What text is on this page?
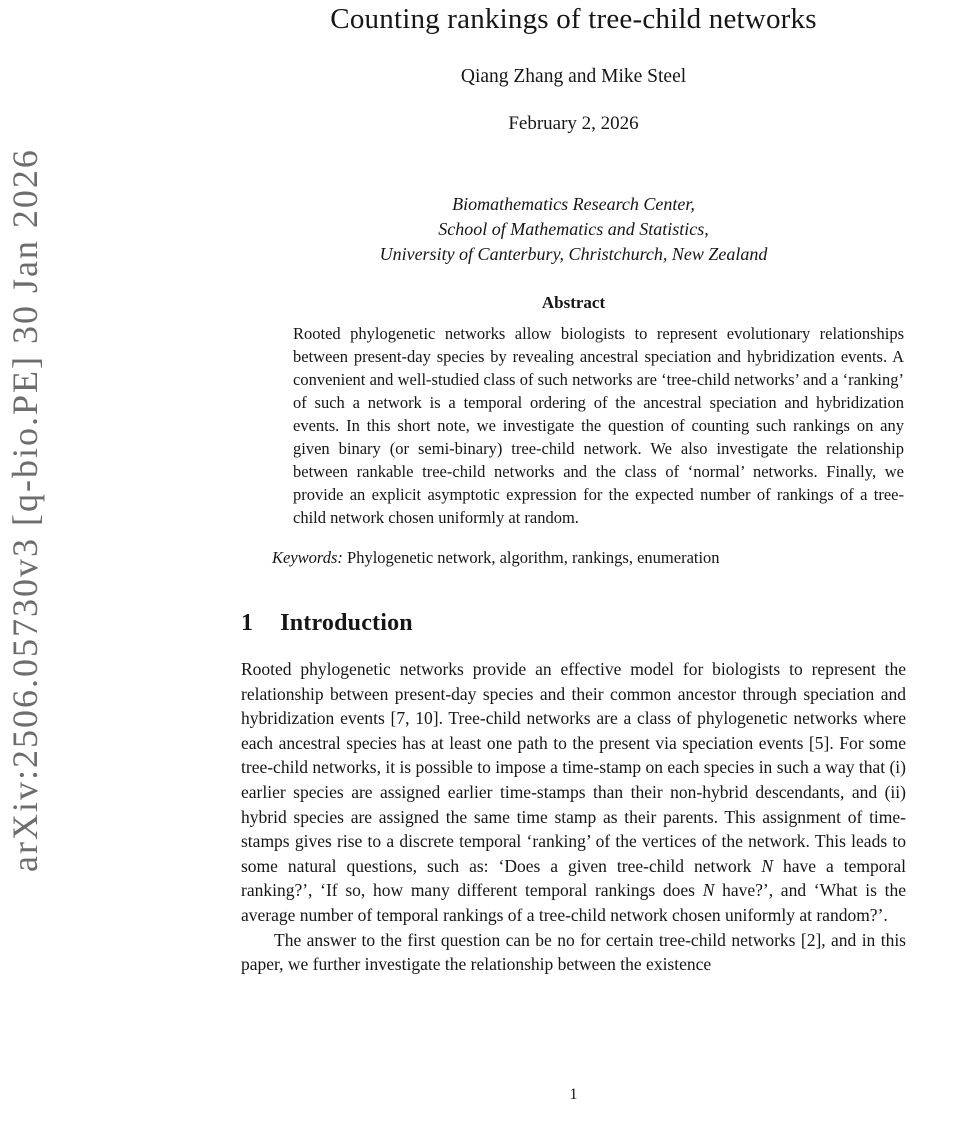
arXiv:2506.05730v3 [q-bio.PE] 30 Jan 2026
Counting rankings of tree-child networks
Qiang Zhang and Mike Steel
February 2, 2026
Biomathematics Research Center,
School of Mathematics and Statistics,
University of Canterbury, Christchurch, New Zealand
Abstract

Rooted phylogenetic networks allow biologists to represent evolutionary relationships between present-day species by revealing ancestral speciation and hybridization events. A convenient and well-studied class of such networks are ‘tree-child networks’ and a ‘ranking’ of such a network is a temporal ordering of the ancestral speciation and hybridization events. In this short note, we investigate the question of counting such rankings on any given binary (or semi-binary) tree-child network. We also investigate the relationship between rankable tree-child networks and the class of ‘normal’ networks. Finally, we provide an explicit asymptotic expression for the expected number of rankings of a tree-child network chosen uniformly at random.

Keywords: Phylogenetic network, algorithm, rankings, enumeration

1 Introduction

Rooted phylogenetic networks provide an effective model for biologists to represent the relationship between present-day species and their common ancestor through speciation and hybridization events [7, 10]. Tree-child networks are a class of phylogenetic networks where each ancestral species has at least one path to the present via speciation events [5]. For some tree-child networks, it is possible to impose a time-stamp on each species in such a way that (i) earlier species are assigned earlier time-stamps than their non-hybrid descendants, and (ii) hybrid species are assigned the same time stamp as their parents. This assignment of time-stamps gives rise to a discrete temporal ‘ranking’ of the vertices of the network. This leads to some natural questions, such as: ‘Does a given tree-child network N have a temporal ranking?’, ‘If so, how many different temporal rankings does N have?’, and ‘What is the average number of temporal rankings of a tree-child network chosen uniformly at random?’.

The answer to the first question can be no for certain tree-child networks [2], and in this paper, we further investigate the relationship between the existence

1
